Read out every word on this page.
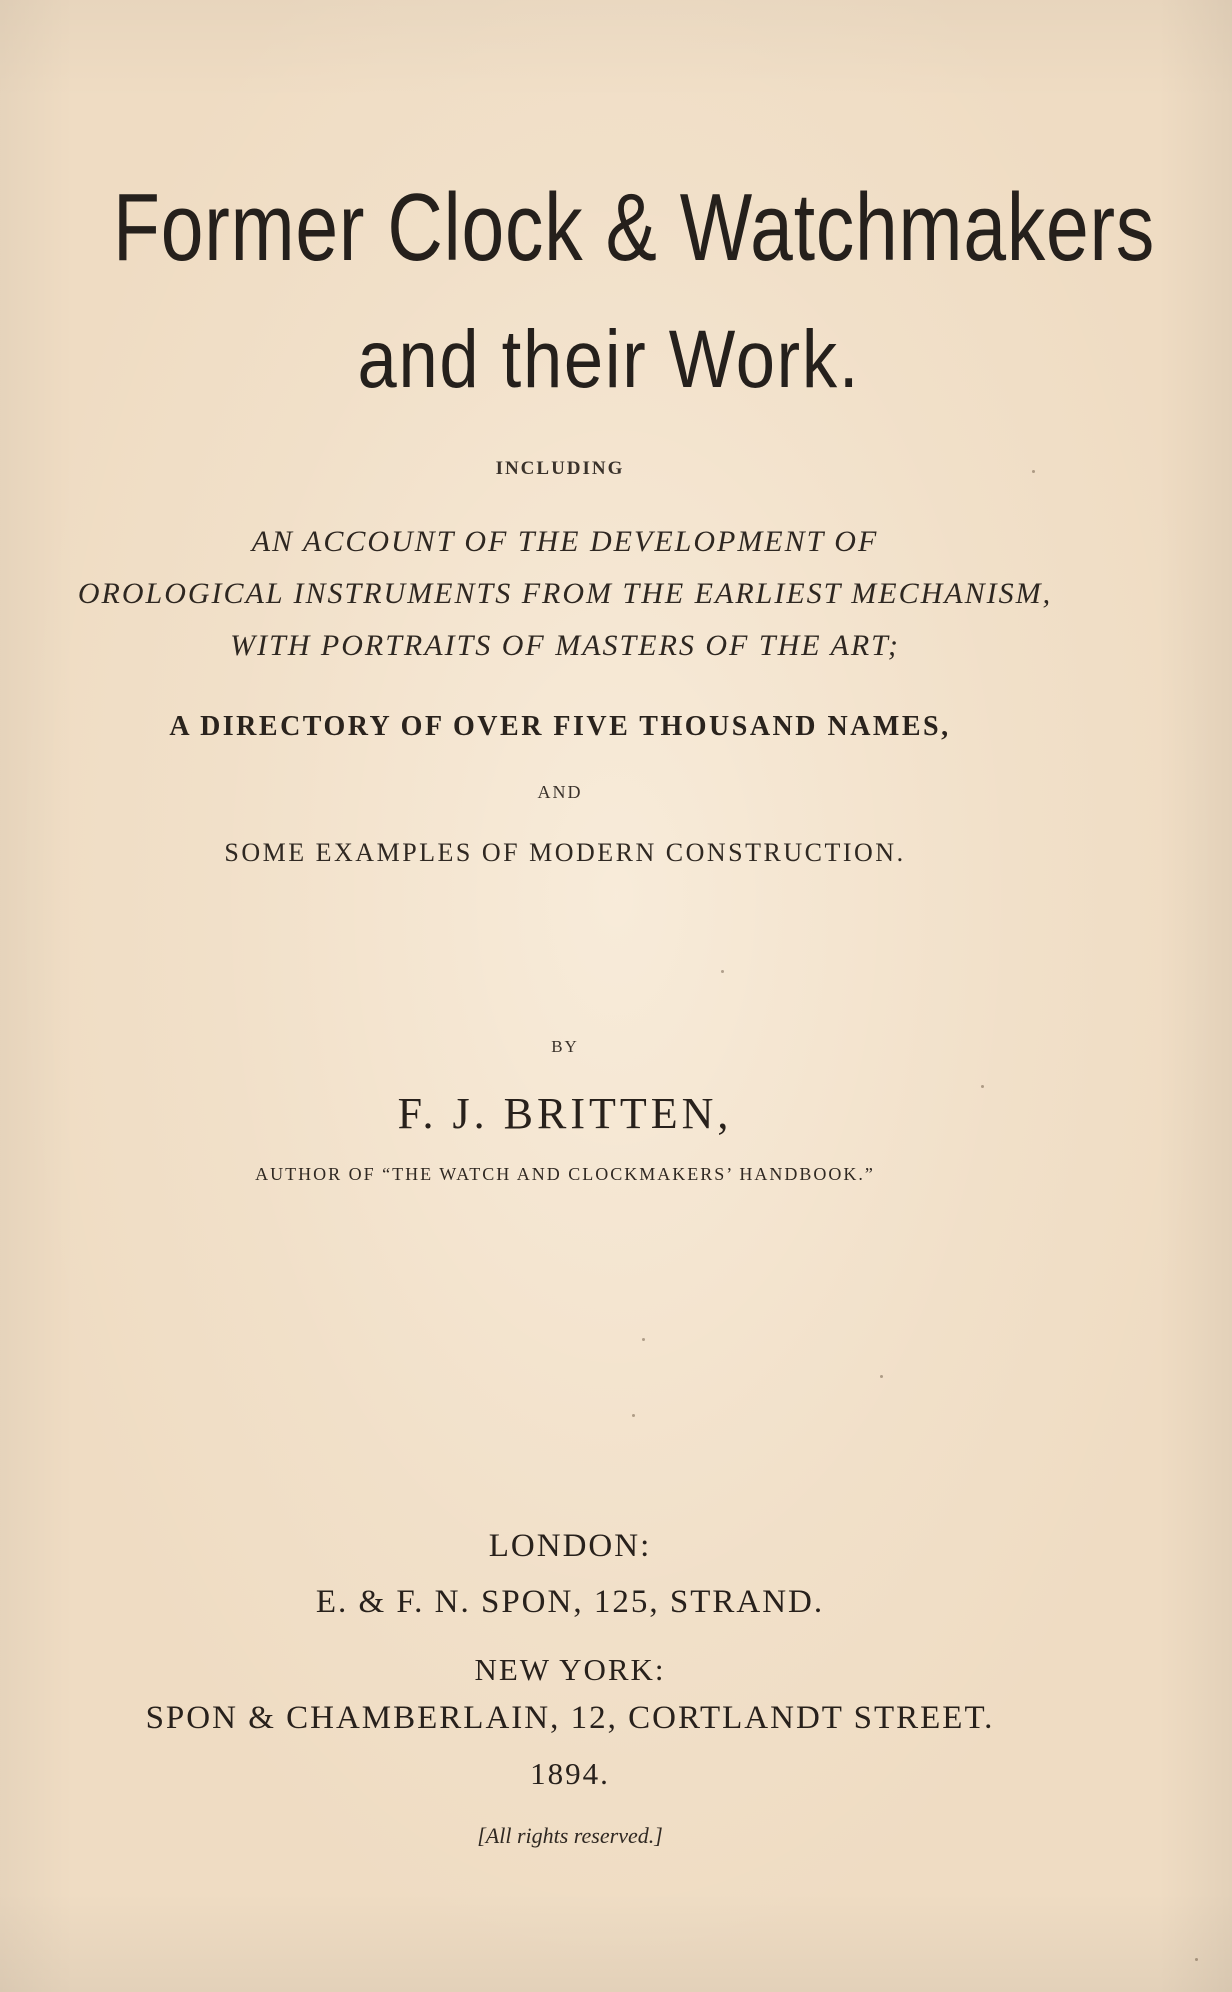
Former Clock & Watchmakers
and their Work.
INCLUDING
AN ACCOUNT OF THE DEVELOPMENT OF
OROLOGICAL INSTRUMENTS FROM THE EARLIEST MECHANISM,
WITH PORTRAITS OF MASTERS OF THE ART;
A DIRECTORY OF OVER FIVE THOUSAND NAMES,
AND
SOME EXAMPLES OF MODERN CONSTRUCTION.
BY
F. J. BRITTEN,
AUTHOR OF “THE WATCH AND CLOCKMAKERS’ HANDBOOK.”
LONDON:
E. & F. N. SPON, 125, STRAND.
NEW YORK:
SPON & CHAMBERLAIN, 12, CORTLANDT STREET.
1894.
[All rights reserved.]
